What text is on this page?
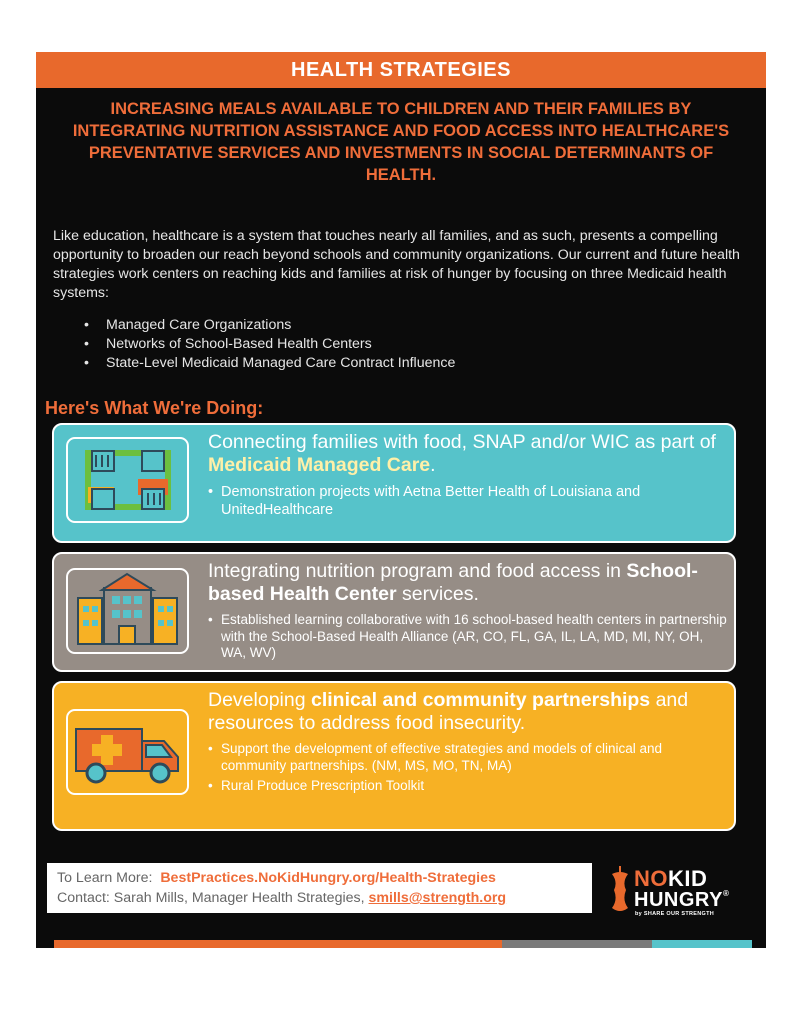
HEALTH STRATEGIES
INCREASING MEALS AVAILABLE TO CHILDREN AND THEIR FAMILIES BY INTEGRATING NUTRITION ASSISTANCE AND FOOD ACCESS INTO HEALTHCARE'S PREVENTATIVE SERVICES AND INVESTMENTS IN SOCIAL DETERMINANTS OF HEALTH.
Like education, healthcare is a system that touches nearly all families, and as such, presents a compelling opportunity to broaden our reach beyond schools and community organizations. Our current and future health strategies work centers on reaching kids and families at risk of hunger by focusing on three Medicaid health systems:
• Managed Care Organizations
• Networks of School-Based Health Centers
• State-Level Medicaid Managed Care Contract Influence
Here's What We're Doing:
Connecting families with food, SNAP and/or WIC as part of Medicaid Managed Care.
• Demonstration projects with Aetna Better Health of Louisiana and UnitedHealthcare
Integrating nutrition program and food access in School-based Health Center services.
• Established learning collaborative with 16 school-based health centers in partnership with the School-Based Health Alliance (AR, CO, FL, GA, IL, LA, MD, MI, NY, OH, WA, WV)
Developing clinical and community partnerships and resources to address food insecurity.
• Support the development of effective strategies and models of clinical and community partnerships. (NM, MS, MO, TN, MA)
• Rural Produce Prescription Toolkit
To Learn More: BestPractices.NoKidHungry.org/Health-Strategies
Contact: Sarah Mills, Manager Health Strategies, smills@strength.org
NOKID
HUNGRY®
by SHARE OUR STRENGTH
